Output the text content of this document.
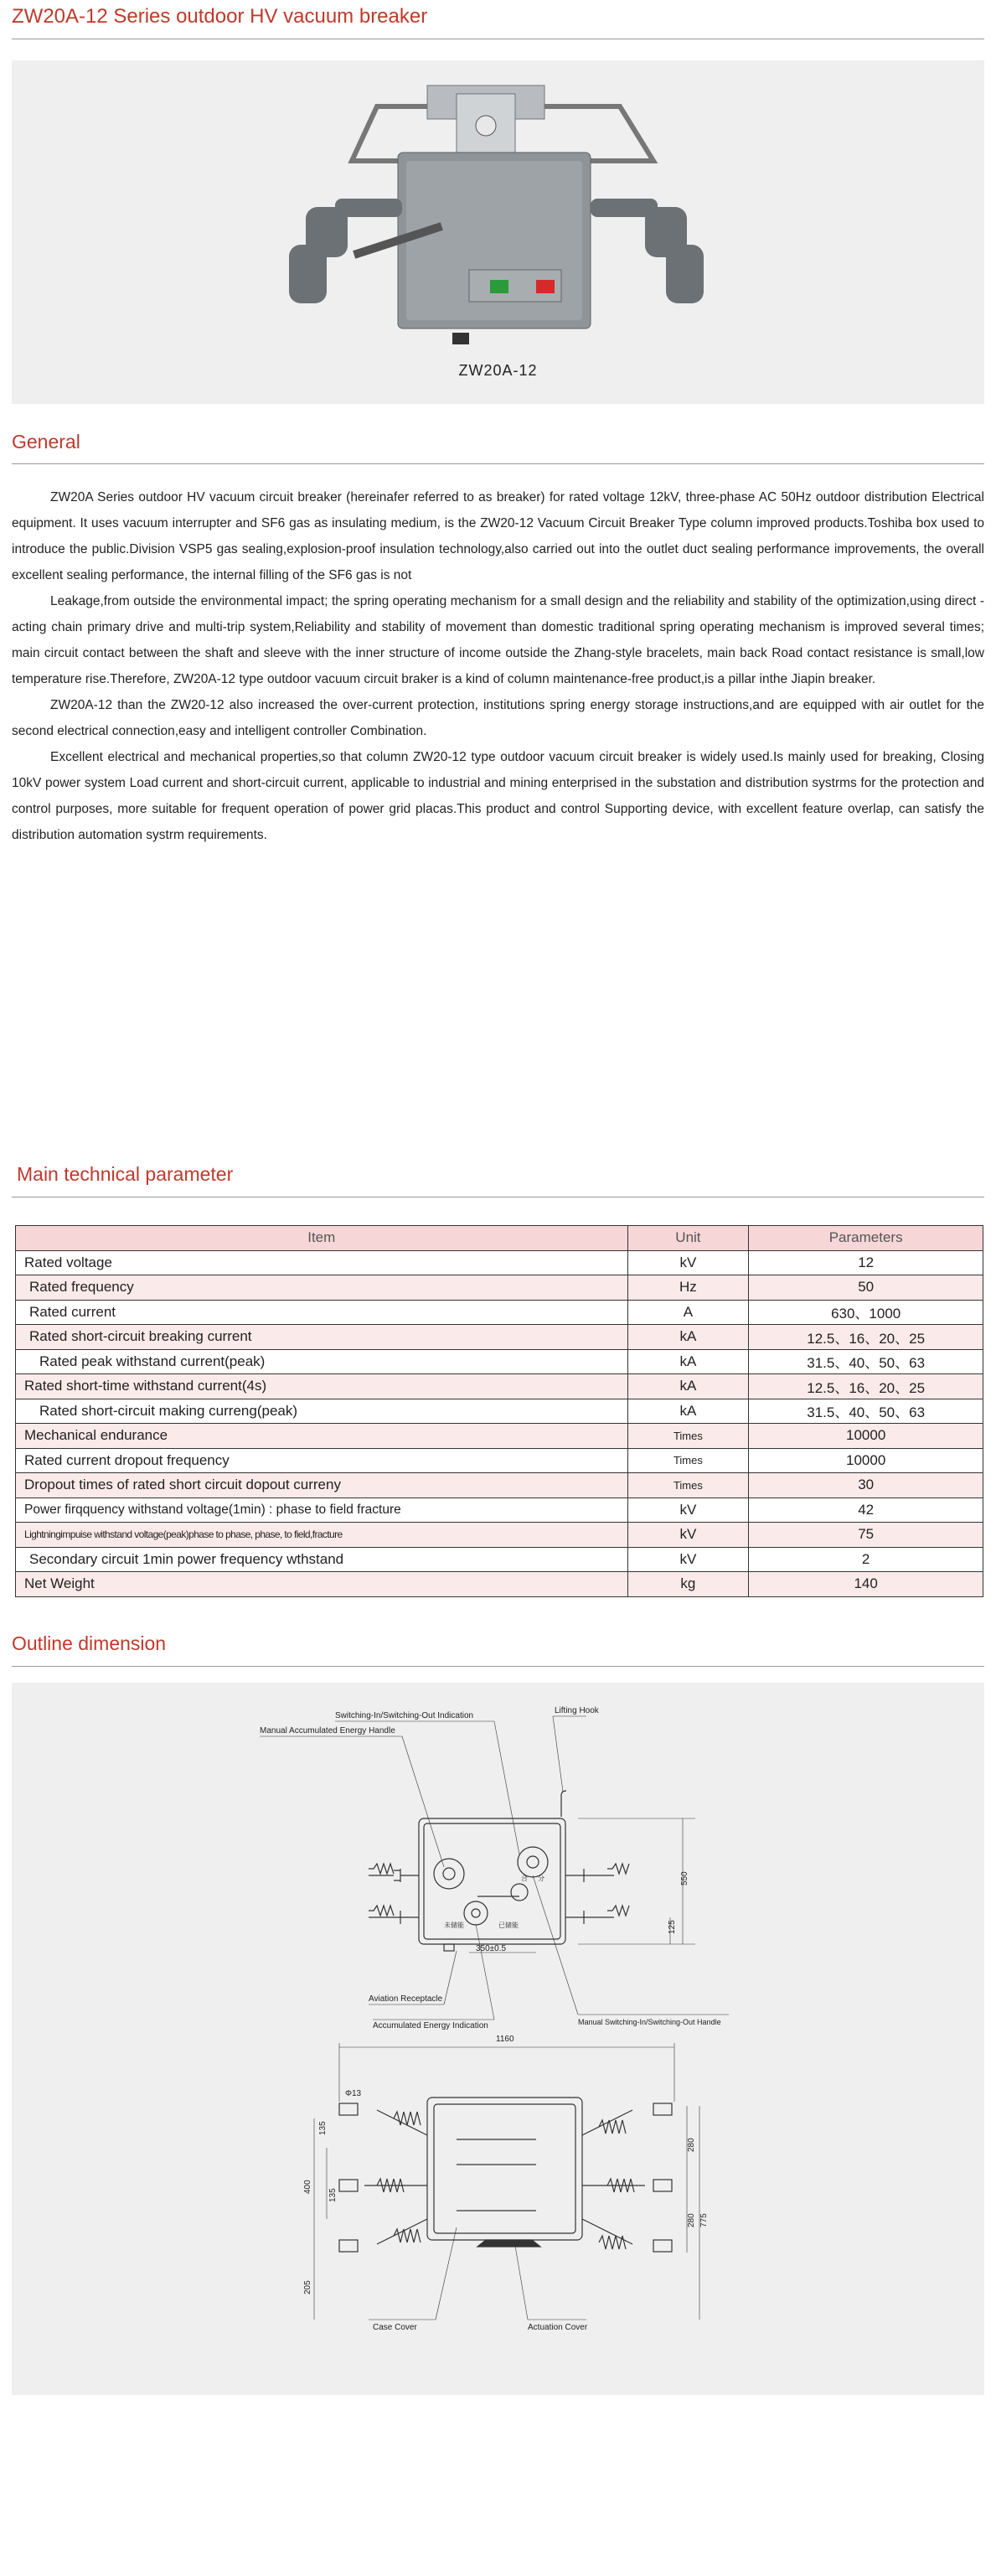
ZW20A-12 Series outdoor HV vacuum breaker
ZW20A-12
General

ZW20A Series outdoor HV vacuum circuit breaker (hereinafer referred to as breaker) for rated voltage 12kV, three-phase AC 50Hz outdoor distribution Electrical equipment. It uses vacuum interrupter and SF6 gas as insulating medium, is the ZW20-12 Vacuum Circuit Breaker Type column improved products.Toshiba box used to introduce the public.Division VSP5 gas sealing,explosion-proof insulation technology,also carried out into the outlet duct sealing performance improvements, the overall excellent sealing performance, the internal filling of the SF6 gas is not

Leakage,from outside the environmental impact; the spring operating mechanism for a small design and the reliability and stability of the optimization,using direct -acting chain primary drive and multi-trip system,Reliability and stability of movement than domestic traditional spring operating mechanism is improved several times; main circuit contact between the shaft and sleeve with the inner structure of income outside the Zhang-style bracelets, main back Road contact resistance is small,low temperature rise.Therefore, ZW20A-12 type outdoor vacuum circuit braker is a kind of column maintenance-free product,is a pillar inthe Jiapin breaker.

ZW20A-12 than the ZW20-12 also increased the over-current protection, institutions spring energy storage instructions,and are equipped with air outlet for the second electrical connection,easy and intelligent controller Combination.

Excellent electrical and mechanical properties,so that column ZW20-12 type outdoor vacuum circuit breaker is widely used.Is mainly used for breaking, Closing 10kV power system Load current and short-circuit current, applicable to industrial and mining enterprised in the substation and distribution systrms for the protection and control purposes, more suitable for frequent operation of power grid placas.This product and control Supporting device, with excellent feature overlap, can satisfy the distribution automation systrm requirements.

Main technical parameter
Item	Unit	Parameters
Rated voltage	kV	12
Rated frequency	Hz	50
Rated current	A	630、1000
Rated short-circuit breaking current	kA	12.5、16、20、25
Rated peak withstand current(peak)	kA	31.5、40、50、63
Rated short-time withstand current(4s)	kA	12.5、16、20、25
Rated short-circuit making curreng(peak)	kA	31.5、40、50、63
Mechanical endurance	Times	10000
Rated current dropout frequency	Times	10000
Dropout times of rated short circuit dopout curreny	Times	30
Power firqquency withstand voltage(1min) : phase to field fracture	kV	42
Lightningimpuise withstand voltage(peak)phase to phase, phase, to field,fracture	kV	75
Secondary circuit 1min power frequency wthstand	kV	2
Net Weight	kg	140
Outline dimension
Switching-In/Switching-Out Indication
Lifting Hook
Manual Accumulated Energy Handle
Aviation Receptacle
Accumulated Energy Indication	Manual Switching-In/Switching-Out Handle
未储能	已储能
合 分	550
125
350±0.5
1160
Φ13
135
135
400
205
280
280 775
Case Cover	Actuation Cover
